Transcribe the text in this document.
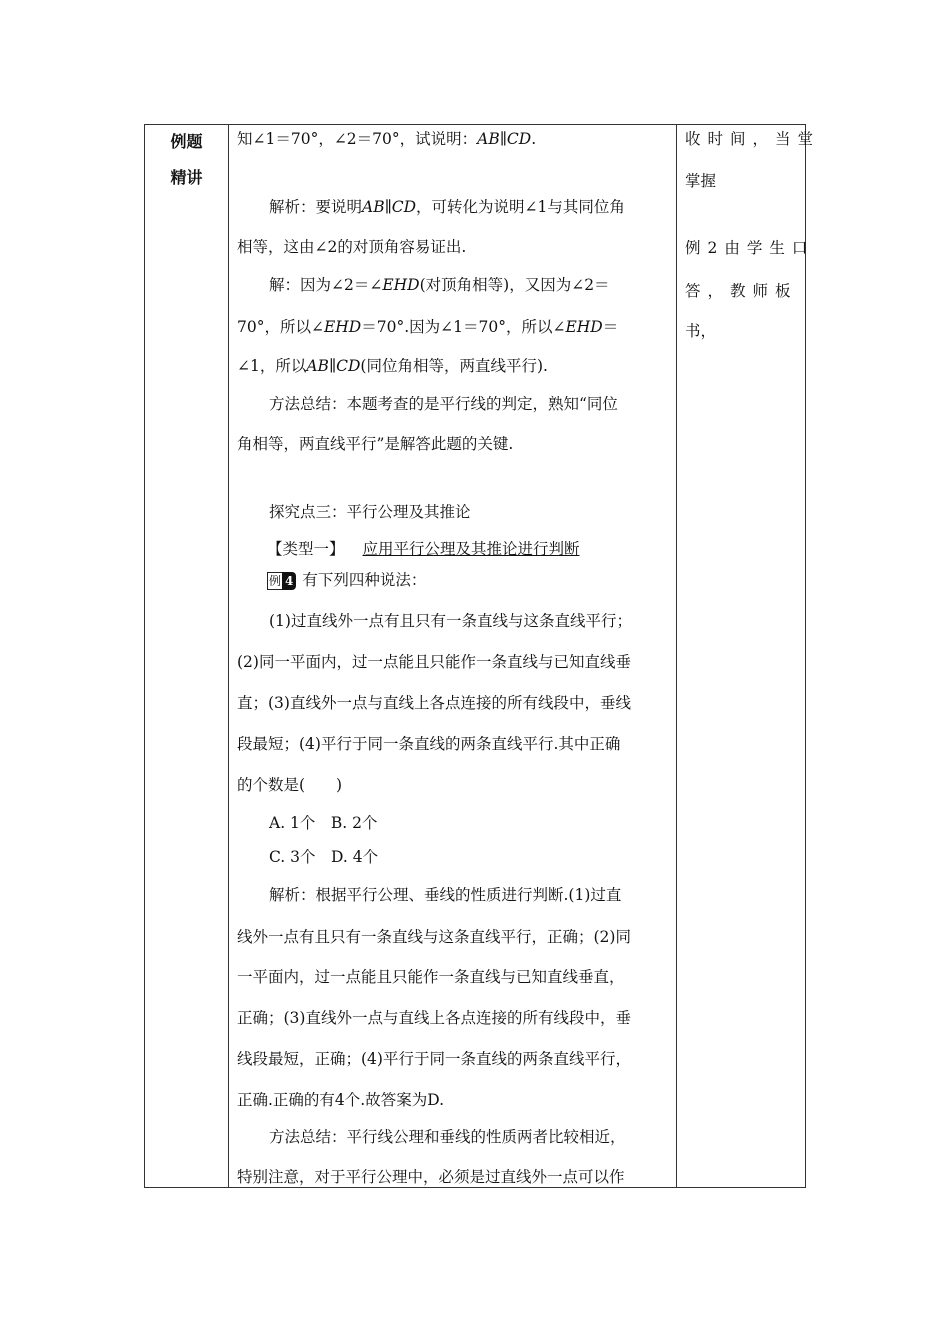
例题
精讲
知∠1＝70°，∠2＝70°，试说明：AB∥CD.
解析：要说明AB∥CD，可转化为说明∠1与其同位角
相等，这由∠2的对顶角容易证出.
解：因为∠2＝∠EHD(对顶角相等)，又因为∠2＝
70°，所以∠EHD＝70°.因为∠1＝70°，所以∠EHD＝
∠1，所以AB∥CD(同位角相等，两直线平行).
方法总结：本题考查的是平行线的判定，熟知“同位
角相等，两直线平行”是解答此题的关键.
探究点三：平行公理及其推论
【类型一】 应用平行公理及其推论进行判断
例 4 有下列四种说法：
(1)过直线外一点有且只有一条直线与这条直线平行；
(2)同一平面内，过一点能且只能作一条直线与已知直线垂
直；(3)直线外一点与直线上各点连接的所有线段中，垂线
段最短；(4)平行于同一条直线的两条直线平行.其中正确
的个数是(　　)
A. 1个　B. 2个
C. 3个　D. 4个
解析：根据平行公理、垂线的性质进行判断.(1)过直
线外一点有且只有一条直线与这条直线平行，正确；(2)同
一平面内，过一点能且只能作一条直线与已知直线垂直，
正确；(3)直线外一点与直线上各点连接的所有线段中，垂
线段最短，正确；(4)平行于同一条直线的两条直线平行，
正确.正确的有4个.故答案为D.
方法总结：平行线公理和垂线的性质两者比较相近，
特别注意，对于平行公理中，必须是过直线外一点可以作
收时间，当堂
掌握
例2由学生口
答，教师板
书，
